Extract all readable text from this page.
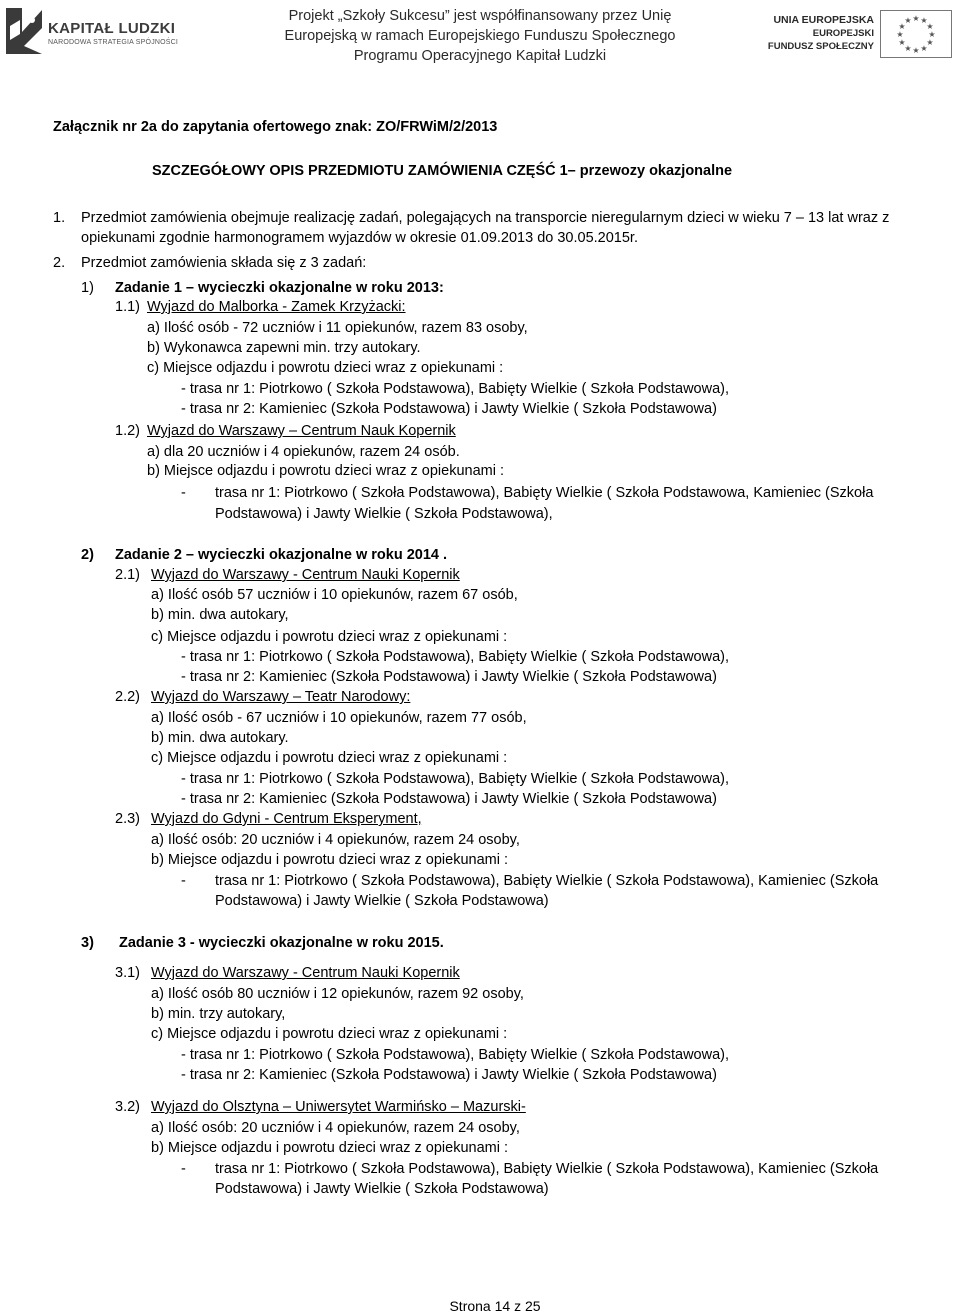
KAPITAŁ LUDZKI
NARODOWA STRATEGIA SPÓJNOŚCI
Projekt „Szkoły Sukcesu” jest współfinansowany przez Unię
Europejską w ramach Europejskiego Funduszu Społecznego
Programu Operacyjnego Kapitał Ludzki
UNIA EUROPEJSKA
EUROPEJSKI
FUNDUSZ SPOŁECZNY
★ ★
★
★
★
★
★
★
★
★
★
★
Załącznik nr 2a do zapytania ofertowego znak: ZO/FRWiM/2/2013
SZCZEGÓŁOWY OPIS PRZEDMIOTU ZAMÓWIENIA CZĘŚĆ 1– przewozy okazjonalne
1. Przedmiot zamówienia obejmuje realizację zadań, polegających na transporcie nieregularnym dzieci w wieku 7 – 13 lat wraz z
opiekunami zgodnie harmonogramem wyjazdów w okresie 01.09.2013 do 30.05.2015r.
2. Przedmiot zamówienia składa się z 3 zadań:
1) Zadanie 1 – wycieczki okazjonalne w roku 2013:
1.1) Wyjazd do Malborka - Zamek Krzyżacki:
a) Ilość osób - 72 uczniów i 11 opiekunów, razem 83 osoby,
b) Wykonawca zapewni min. trzy autokary.
c) Miejsce odjazdu i powrotu dzieci wraz z opiekunami :
- trasa nr 1: Piotrkowo ( Szkoła Podstawowa), Babięty Wielkie ( Szkoła Podstawowa),
- trasa nr 2: Kamieniec (Szkoła Podstawowa) i Jawty Wielkie ( Szkoła Podstawowa)
1.2) Wyjazd do Warszawy – Centrum Nauk Kopernik
a) dla 20 uczniów i 4 opiekunów, razem 24 osób.
b) Miejsce odjazdu i powrotu dzieci wraz z opiekunami :
- trasa nr 1: Piotrkowo ( Szkoła Podstawowa), Babięty Wielkie ( Szkoła Podstawowa, Kamieniec (Szkoła
Podstawowa) i Jawty Wielkie ( Szkoła Podstawowa),
2) Zadanie 2 – wycieczki okazjonalne w roku 2014 .
2.1) Wyjazd do Warszawy - Centrum Nauki Kopernik
a) Ilość osób 57 uczniów i 10 opiekunów, razem 67 osób,
b) min. dwa autokary,
c) Miejsce odjazdu i powrotu dzieci wraz z opiekunami :
- trasa nr 1: Piotrkowo ( Szkoła Podstawowa), Babięty Wielkie ( Szkoła Podstawowa),
- trasa nr 2: Kamieniec (Szkoła Podstawowa) i Jawty Wielkie ( Szkoła Podstawowa)
2.2) Wyjazd do Warszawy – Teatr Narodowy:
a) Ilość osób - 67 uczniów i 10 opiekunów, razem 77 osób,
b) min. dwa autokary.
c) Miejsce odjazdu i powrotu dzieci wraz z opiekunami :
- trasa nr 1: Piotrkowo ( Szkoła Podstawowa), Babięty Wielkie ( Szkoła Podstawowa),
- trasa nr 2: Kamieniec (Szkoła Podstawowa) i Jawty Wielkie ( Szkoła Podstawowa)
2.3) Wyjazd do Gdyni - Centrum Eksperyment,
a) Ilość osób: 20 uczniów i 4 opiekunów, razem 24 osoby,
b) Miejsce odjazdu i powrotu dzieci wraz z opiekunami :
- trasa nr 1: Piotrkowo ( Szkoła Podstawowa), Babięty Wielkie ( Szkoła Podstawowa), Kamieniec (Szkoła
Podstawowa) i Jawty Wielkie ( Szkoła Podstawowa)
3) Zadanie 3 - wycieczki okazjonalne w roku 2015.
3.1) Wyjazd do Warszawy - Centrum Nauki Kopernik
a) Ilość osób 80 uczniów i 12 opiekunów, razem 92 osoby,
b) min. trzy autokary,
c) Miejsce odjazdu i powrotu dzieci wraz z opiekunami :
- trasa nr 1: Piotrkowo ( Szkoła Podstawowa), Babięty Wielkie ( Szkoła Podstawowa),
- trasa nr 2: Kamieniec (Szkoła Podstawowa) i Jawty Wielkie ( Szkoła Podstawowa)
3.2) Wyjazd do Olsztyna – Uniwersytet Warmińsko – Mazurski-
a) Ilość osób: 20 uczniów i 4 opiekunów, razem 24 osoby,
b) Miejsce odjazdu i powrotu dzieci wraz z opiekunami :
- trasa nr 1: Piotrkowo ( Szkoła Podstawowa), Babięty Wielkie ( Szkoła Podstawowa), Kamieniec (Szkoła
Podstawowa) i Jawty Wielkie ( Szkoła Podstawowa)
Strona 14 z 25
